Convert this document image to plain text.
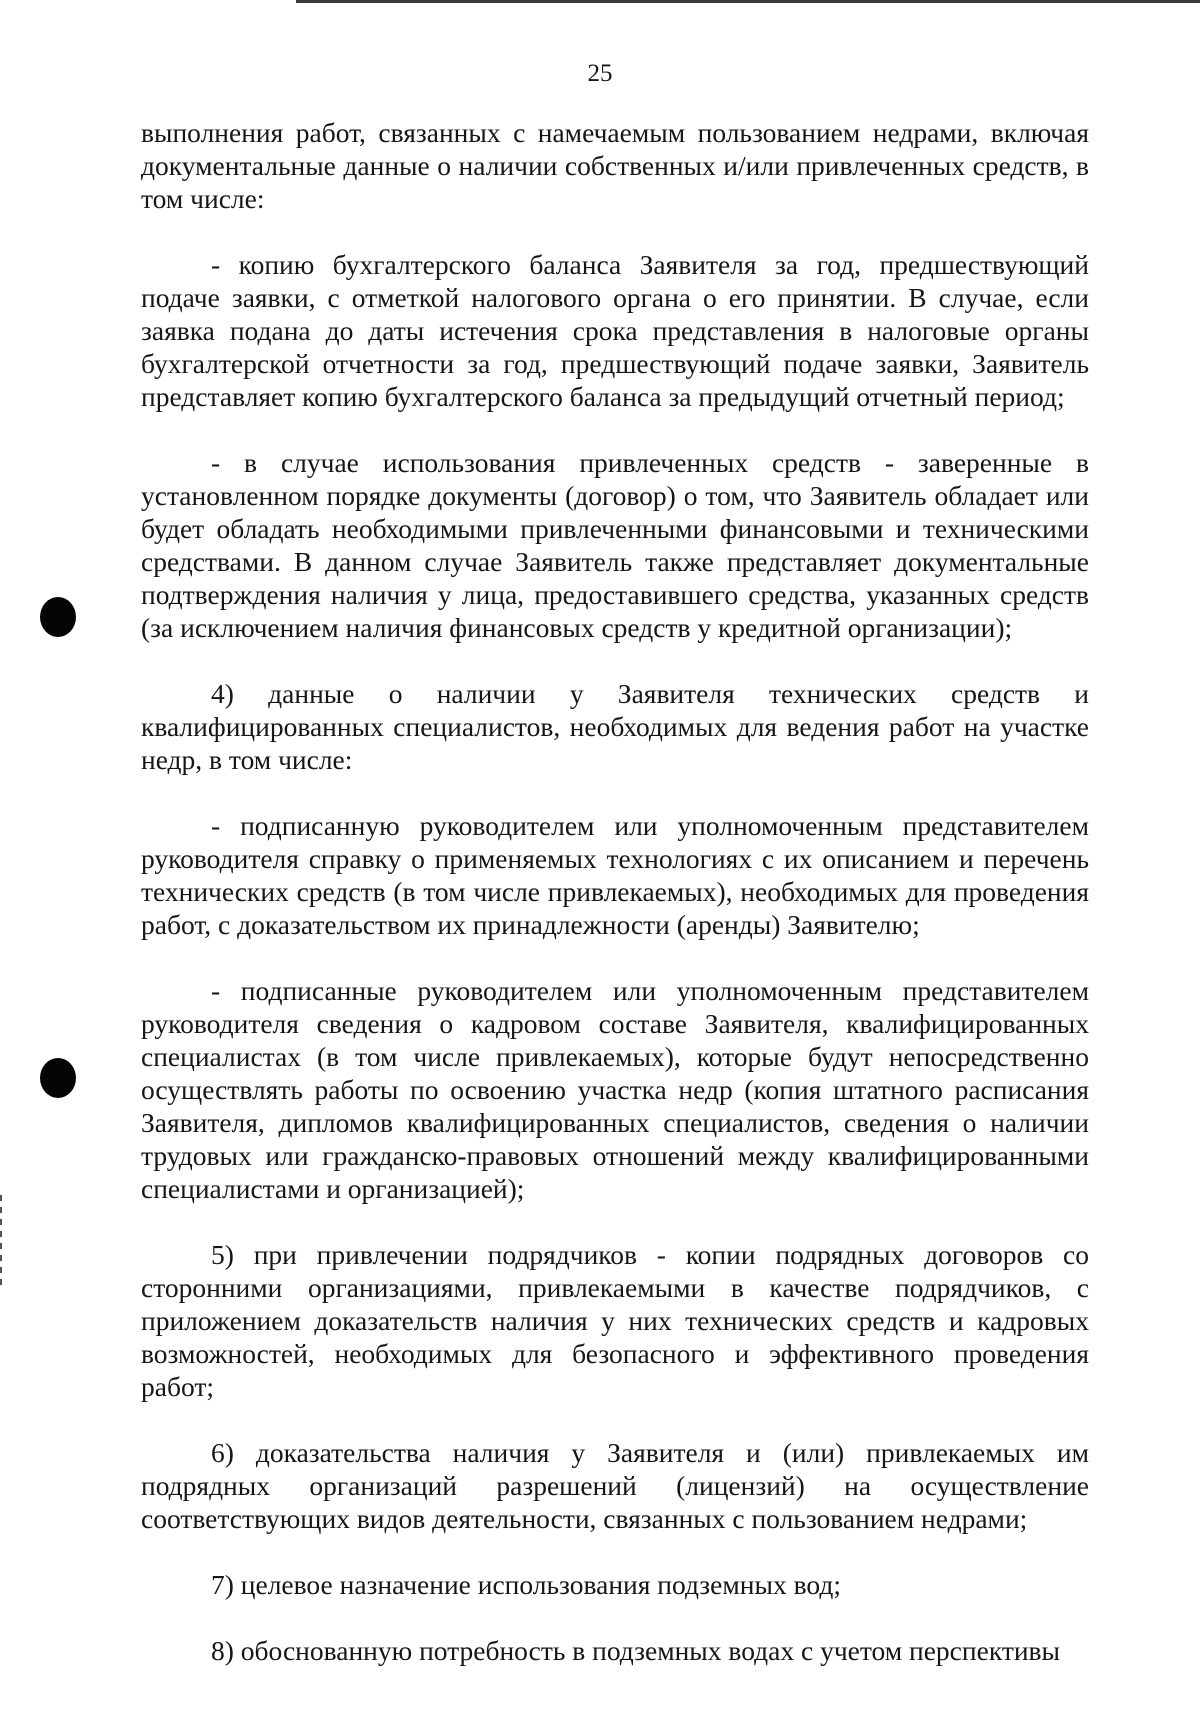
25

выполнения работ, связанных с намечаемым пользованием недрами, включая документальные данные о наличии собственных и/или привлеченных средств, в том числе:

- копию бухгалтерского баланса Заявителя за год, предшествующий подаче заявки, с отметкой налогового органа о его принятии. В случае, если заявка подана до даты истечения срока представления в налоговые органы бухгалтерской отчетности за год, предшествующий подаче заявки, Заявитель представляет копию бухгалтерского баланса за предыдущий отчетный период;

- в случае использования привлеченных средств - заверенные в установленном порядке документы (договор) о том, что Заявитель обладает или будет обладать необходимыми привлеченными финансовыми и техническими средствами. В данном случае Заявитель также представляет документальные подтверждения наличия у лица, предоставившего средства, указанных средств (за исключением наличия финансовых средств у кредитной организации);

4) данные о наличии у Заявителя технических средств и квалифицированных специалистов, необходимых для ведения работ на участке недр, в том числе:

- подписанную руководителем или уполномоченным представителем руководителя справку о применяемых технологиях с их описанием и перечень технических средств (в том числе привлекаемых), необходимых для проведения работ, с доказательством их принадлежности (аренды) Заявителю;

- подписанные руководителем или уполномоченным представителем руководителя сведения о кадровом составе Заявителя, квалифицированных специалистах (в том числе привлекаемых), которые будут непосредственно осуществлять работы по освоению участка недр (копия штатного расписания Заявителя, дипломов квалифицированных специалистов, сведения о наличии трудовых или гражданско-правовых отношений между квалифицированными специалистами и организацией);

5) при привлечении подрядчиков - копии подрядных договоров со сторонними организациями, привлекаемыми в качестве подрядчиков, с приложением доказательств наличия у них технических средств и кадровых возможностей, необходимых для безопасного и эффективного проведения работ;

6) доказательства наличия у Заявителя и (или) привлекаемых им подрядных организаций разрешений (лицензий) на осуществление соответствующих видов деятельности, связанных с пользованием недрами;

7) целевое назначение использования подземных вод;

8) обоснованную потребность в подземных водах с учетом перспективы
